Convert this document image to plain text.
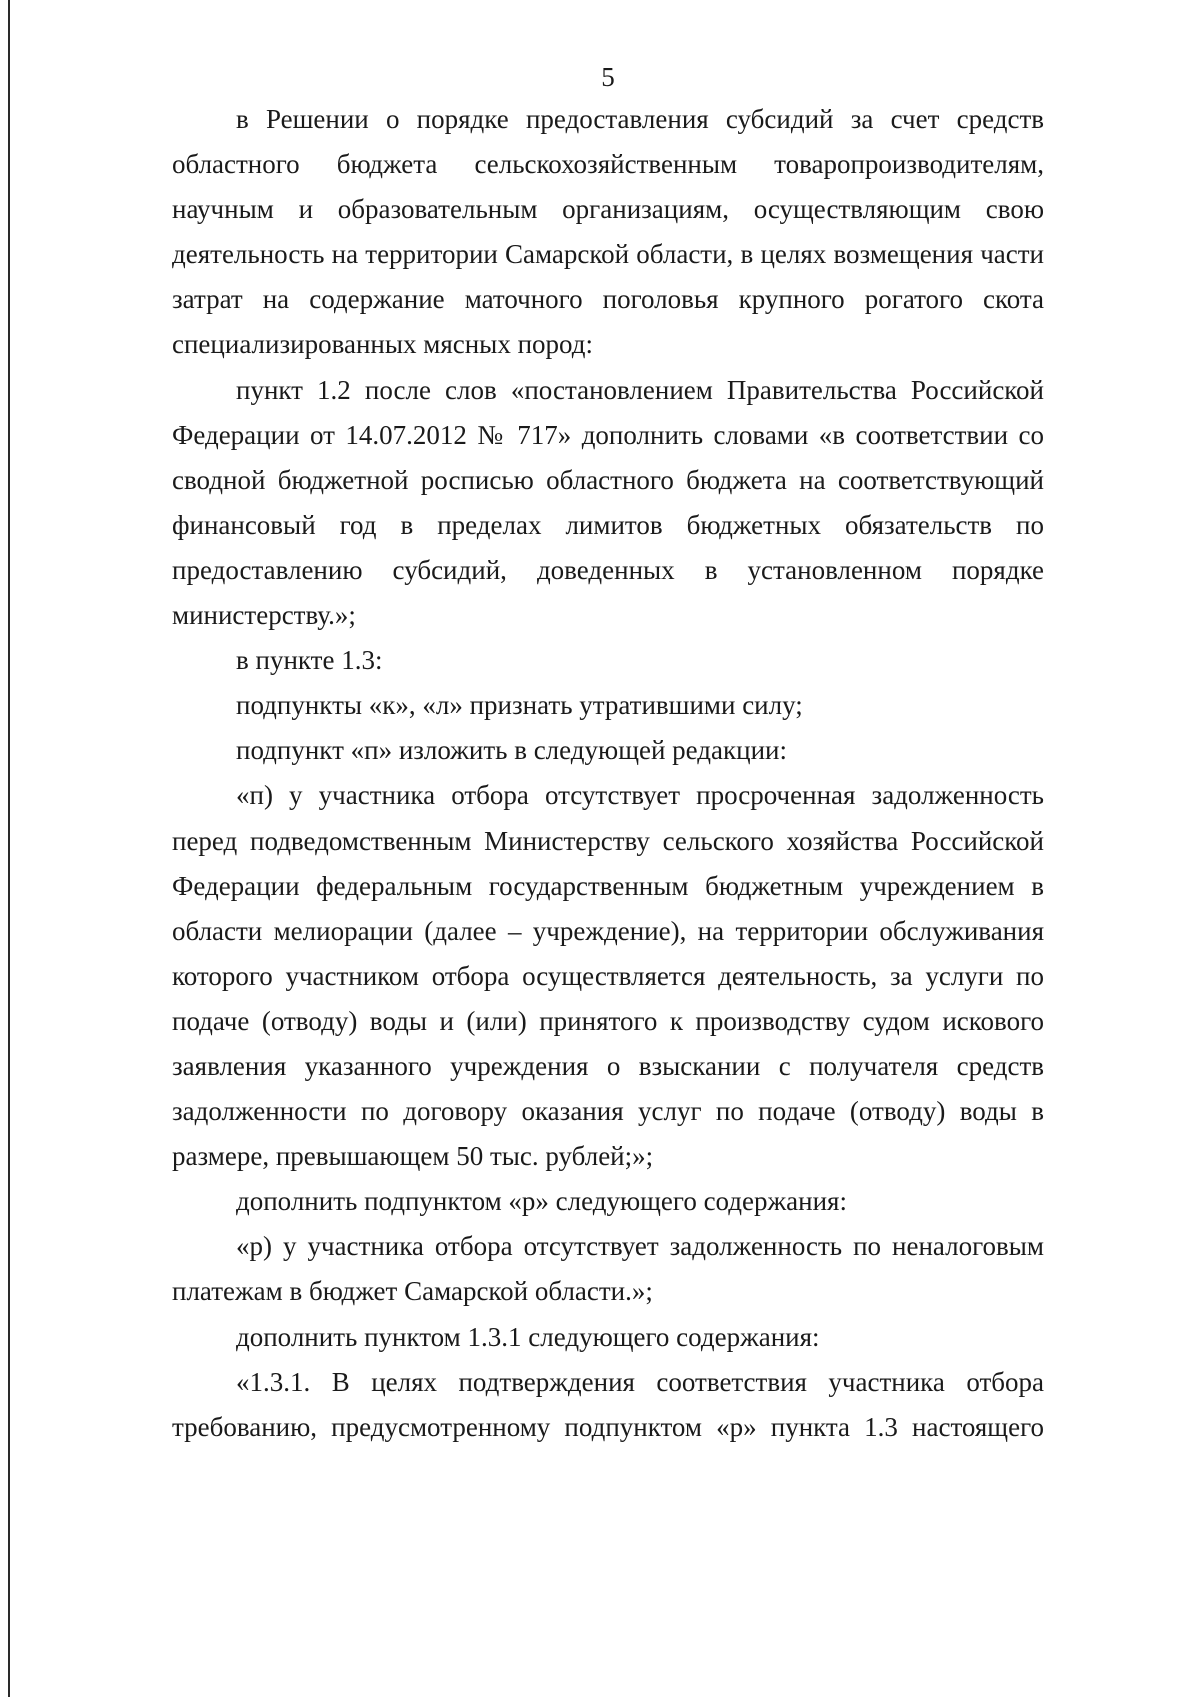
5

в Решении о порядке предоставления субсидий за счет средств областного бюджета сельскохозяйственным товаропроизводителям, научным и образовательным организациям, осуществляющим свою деятельность на территории Самарской области, в целях возмещения части затрат на содержание маточного поголовья крупного рогатого скота специализированных мясных пород:

пункт 1.2 после слов «постановлением Правительства Российской Федерации от 14.07.2012 № 717» дополнить словами «в соответствии со сводной бюджетной росписью областного бюджета на соответствующий финансовый год в пределах лимитов бюджетных обязательств по предоставлению субсидий, доведенных в установленном порядке министерству.»;

в пункте 1.3:

подпункты «к», «л» признать утратившими силу;

подпункт «п» изложить в следующей редакции:

«п) у участника отбора отсутствует просроченная задолженность перед подведомственным Министерству сельского хозяйства Российской Федерации федеральным государственным бюджетным учреждением в области мелиорации (далее – учреждение), на территории обслуживания которого участником отбора осуществляется деятельность, за услуги по подаче (отводу) воды и (или) принятого к производству судом искового заявления указанного учреждения о взыскании с получателя средств задолженности по договору оказания услуг по подаче (отводу) воды в размере, превышающем 50 тыс. рублей;»;

дополнить подпунктом «р» следующего содержания:

«р) у участника отбора отсутствует задолженность по неналоговым платежам в бюджет Самарской области.»;

дополнить пунктом 1.3.1 следующего содержания:

«1.3.1. В целях подтверждения соответствия участника отбора требованию, предусмотренному подпунктом «р» пункта 1.3 настоящего
